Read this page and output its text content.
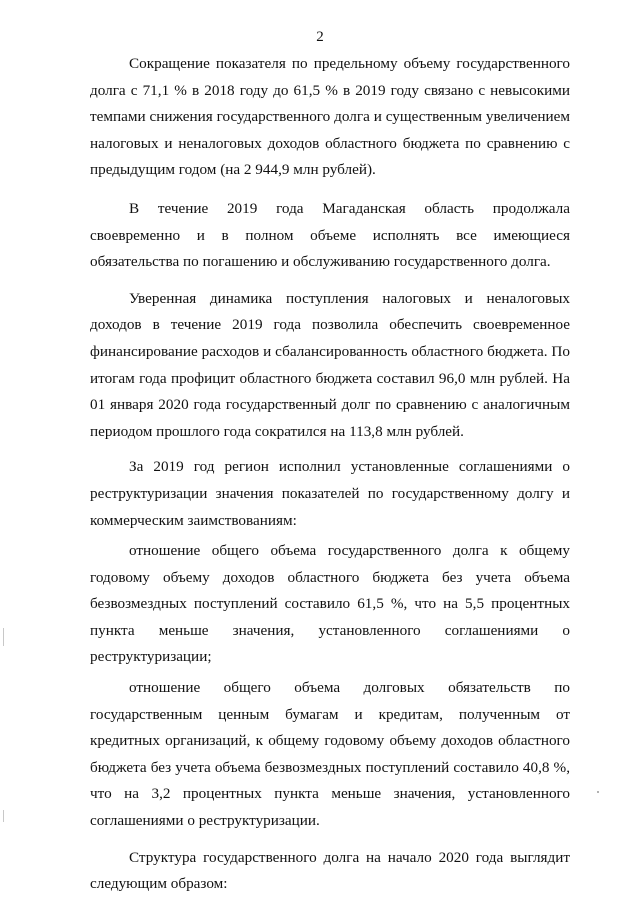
2

Сокращение показателя по предельному объему государственного долга с 71,1 % в 2018 году до 61,5 % в 2019 году связано с невысокими темпами снижения государственного долга и существенным увеличением налоговых и неналоговых доходов областного бюджета по сравнению с предыдущим годом (на 2 944,9 млн рублей).

В течение 2019 года Магаданская область продолжала своевременно и в полном объеме исполнять все имеющиеся обязательства по погашению и обслуживанию государственного долга.

Уверенная динамика поступления налоговых и неналоговых доходов в течение 2019 года позволила обеспечить своевременное финансирование расходов и сбалансированность областного бюджета. По итогам года профицит областного бюджета составил 96,0 млн рублей. На 01 января 2020 года государственный долг по сравнению с аналогичным периодом прошлого года сократился на 113,8 млн рублей.

За 2019 год регион исполнил установленные соглашениями о реструктуризации значения показателей по государственному долгу и коммерческим заимствованиям:

отношение общего объема государственного долга к общему годовому объему доходов областного бюджета без учета объема безвозмездных поступлений составило 61,5 %, что на 5,5 процентных пункта меньше значения, установленного соглашениями о реструктуризации;

отношение общего объема долговых обязательств по государственным ценным бумагам и кредитам, полученным от кредитных организаций, к общему годовому объему доходов областного бюджета без учета объема безвозмездных поступлений составило 40,8 %, что на 3,2 процентных пункта меньше значения, установленного соглашениями о реструктуризации.

Структура государственного долга на начало 2020 года выглядит следующим образом:
